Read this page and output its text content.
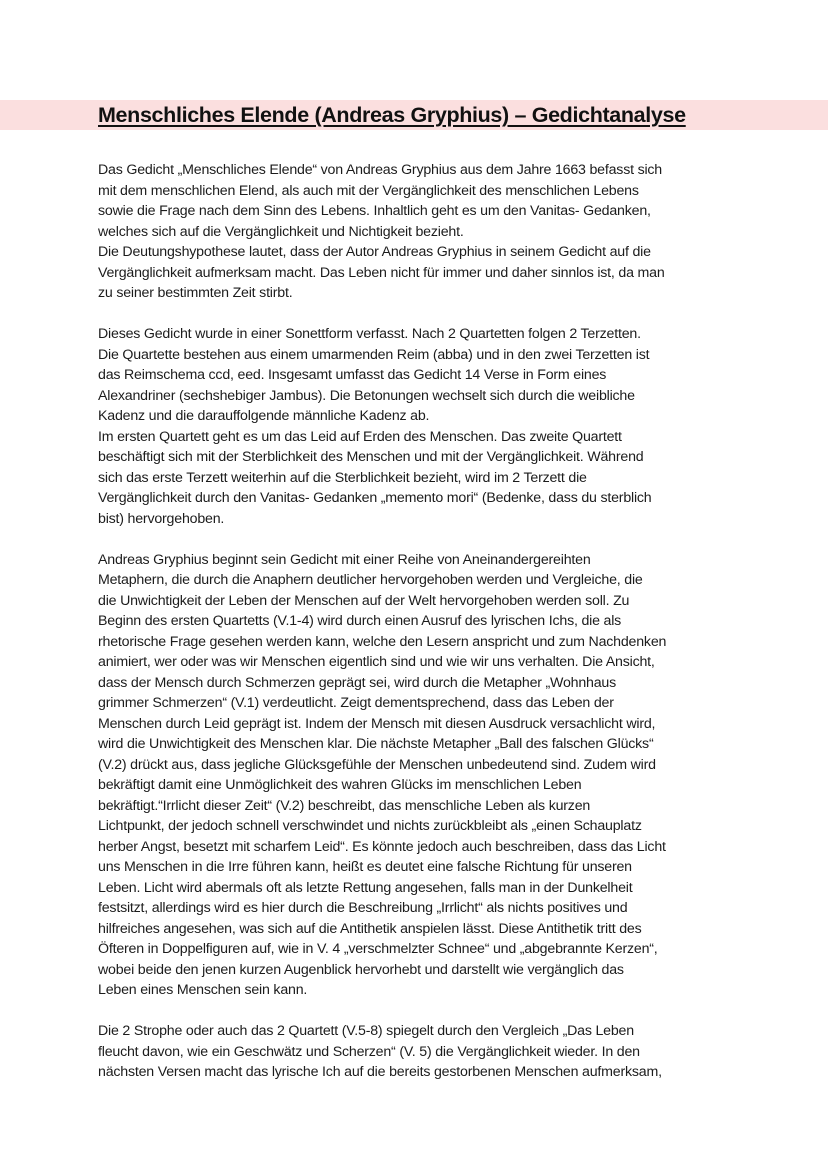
Menschliches Elende (Andreas Gryphius) – Gedichtanalyse

Das Gedicht „Menschliches Elende“ von Andreas Gryphius aus dem Jahre 1663 befasst sich
mit dem menschlichen Elend, als auch mit der Vergänglichkeit des menschlichen Lebens
sowie die Frage nach dem Sinn des Lebens. Inhaltlich geht es um den Vanitas- Gedanken,
welches sich auf die Vergänglichkeit und Nichtigkeit bezieht.
Die Deutungshypothese lautet, dass der Autor Andreas Gryphius in seinem Gedicht auf die
Vergänglichkeit aufmerksam macht. Das Leben nicht für immer und daher sinnlos ist, da man
zu seiner bestimmten Zeit stirbt.

Dieses Gedicht wurde in einer Sonettform verfasst. Nach 2 Quartetten folgen 2 Terzetten.
Die Quartette bestehen aus einem umarmenden Reim (abba) und in den zwei Terzetten ist
das Reimschema ccd, eed. Insgesamt umfasst das Gedicht 14 Verse in Form eines
Alexandriner (sechshebiger Jambus). Die Betonungen wechselt sich durch die weibliche
Kadenz und die darauffolgende männliche Kadenz ab.
Im ersten Quartett geht es um das Leid auf Erden des Menschen. Das zweite Quartett
beschäftigt sich mit der Sterblichkeit des Menschen und mit der Vergänglichkeit. Während
sich das erste Terzett weiterhin auf die Sterblichkeit bezieht, wird im 2 Terzett die
Vergänglichkeit durch den Vanitas- Gedanken „memento mori“ (Bedenke, dass du sterblich
bist) hervorgehoben.

Andreas Gryphius beginnt sein Gedicht mit einer Reihe von Aneinandergereihten
Metaphern, die durch die Anaphern deutlicher hervorgehoben werden und Vergleiche, die
die Unwichtigkeit der Leben der Menschen auf der Welt hervorgehoben werden soll. Zu
Beginn des ersten Quartetts (V.1-4) wird durch einen Ausruf des lyrischen Ichs, die als
rhetorische Frage gesehen werden kann, welche den Lesern anspricht und zum Nachdenken
animiert, wer oder was wir Menschen eigentlich sind und wie wir uns verhalten. Die Ansicht,
dass der Mensch durch Schmerzen geprägt sei, wird durch die Metapher „Wohnhaus
grimmer Schmerzen“ (V.1) verdeutlicht. Zeigt dementsprechend, dass das Leben der
Menschen durch Leid geprägt ist. Indem der Mensch mit diesen Ausdruck versachlicht wird,
wird die Unwichtigkeit des Menschen klar. Die nächste Metapher „Ball des falschen Glücks“
(V.2) drückt aus, dass jegliche Glücksgefühle der Menschen unbedeutend sind. Zudem wird
bekräftigt damit eine Unmöglichkeit des wahren Glücks im menschlichen Leben
bekräftigt.“Irrlicht dieser Zeit“ (V.2) beschreibt, das menschliche Leben als kurzen
Lichtpunkt, der jedoch schnell verschwindet und nichts zurückbleibt als „einen Schauplatz
herber Angst, besetzt mit scharfem Leid“. Es könnte jedoch auch beschreiben, dass das Licht
uns Menschen in die Irre führen kann, heißt es deutet eine falsche Richtung für unseren
Leben. Licht wird abermals oft als letzte Rettung angesehen, falls man in der Dunkelheit
festsitzt, allerdings wird es hier durch die Beschreibung „Irrlicht“ als nichts positives und
hilfreiches angesehen, was sich auf die Antithetik anspielen lässt. Diese Antithetik tritt des
Öfteren in Doppelfiguren auf, wie in V. 4 „verschmelzter Schnee“ und „abgebrannte Kerzen“,
wobei beide den jenen kurzen Augenblick hervorhebt und darstellt wie vergänglich das
Leben eines Menschen sein kann.

Die 2 Strophe oder auch das 2 Quartett (V.5-8) spiegelt durch den Vergleich „Das Leben
fleucht davon, wie ein Geschwätz und Scherzen“ (V. 5) die Vergänglichkeit wieder. In den
nächsten Versen macht das lyrische Ich auf die bereits gestorbenen Menschen aufmerksam,
